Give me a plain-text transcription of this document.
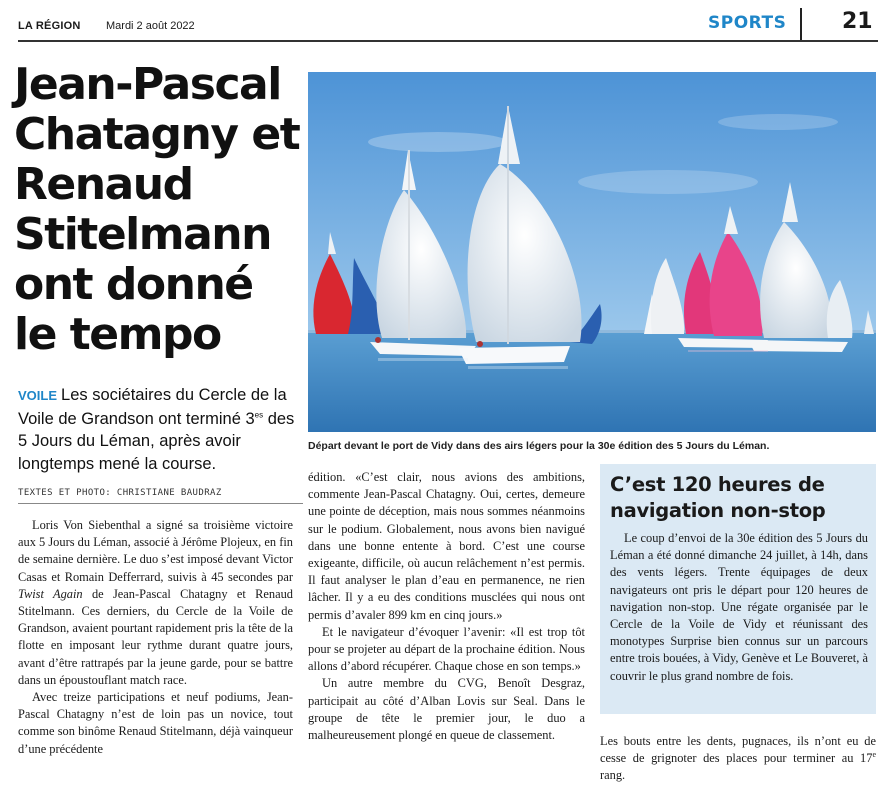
LA RÉGION Mardi 2 août 2022	SPORTS	21
Jean-Pascal Chatagny et Renaud Stitelmann ont donné le tempo

Départ devant le port de Vidy dans des airs légers pour la 30e édition des 5 Jours du Léman.

VOILE Les sociétaires du Cercle de la Voile de Grandson ont terminé $3^{es}$ des 5 Jours du Léman, après avoir longtemps mené la course.

TEXTES ET PHOTO: CHRISTIANE BAUDRAZ

Loris Von Siebenthal a signé sa troisième victoire aux 5 Jours du Léman, associé à Jérôme Plojeux, en fin de semaine dernière. Le duo s’est imposé devant Victor Casas et Romain Defferrard, suivis à 45 secondes par Twist Again de Jean-Pascal Chatagny et Renaud Stitelmann. Ces derniers, du Cercle de la Voile de Grandson, avaient pourtant rapidement pris la tête de la flotte en imposant leur rythme durant quatre jours, avant d’être rattrapés par la jeune garde, pour se battre dans un époustouflant match race.

Avec treize participations et neuf podiums, Jean-Pascal Chatagny n’est de loin pas un novice, tout comme son binôme Renaud Stitelmann, déjà vainqueur d’une précédente

édition. «C’est clair, nous avions des ambitions, commente Jean-Pascal Chatagny. Oui, certes, demeure une pointe de déception, mais nous sommes néanmoins sur le podium. Globalement, nous avons bien navigué dans une bonne entente à bord. C’est une course exigeante, difficile, où aucun relâchement n’est permis. Il faut analyser le plan d’eau en permanence, ne rien lâcher. Il y a eu des conditions musclées qui nous ont permis d’avaler 899 km en cinq jours.»

Et le navigateur d’évoquer l’avenir: «Il est trop tôt pour se projeter au départ de la prochaine édition. Nous allons d’abord récupérer. Chaque chose en son temps.»

Un autre membre du CVG, Benoît Desgraz, participait au côté d’Alban Lovis sur Seal. Dans le groupe de tête le premier jour, le duo a malheureusement plongé en queue de classement.

C’est 120 heures de navigation non-stop

Le coup d’envoi de la 30e édition des 5 Jours du Léman a été donné dimanche 24 juillet, à 14h, dans des vents légers. Trente équipages de deux navigateurs ont pris le départ pour 120 heures de navigation non-stop. Une régate organisée par le Cercle de la Voile de Vidy et réunissant des monotypes Surprise bien connus sur un parcours entre trois bouées, à Vidy, Genève et Le Bouveret, à couvrir le plus grand nombre de fois.

Les bouts entre les dents, pugnaces, ils n’ont eu de cesse de grignoter des places pour terminer au 17e rang.
